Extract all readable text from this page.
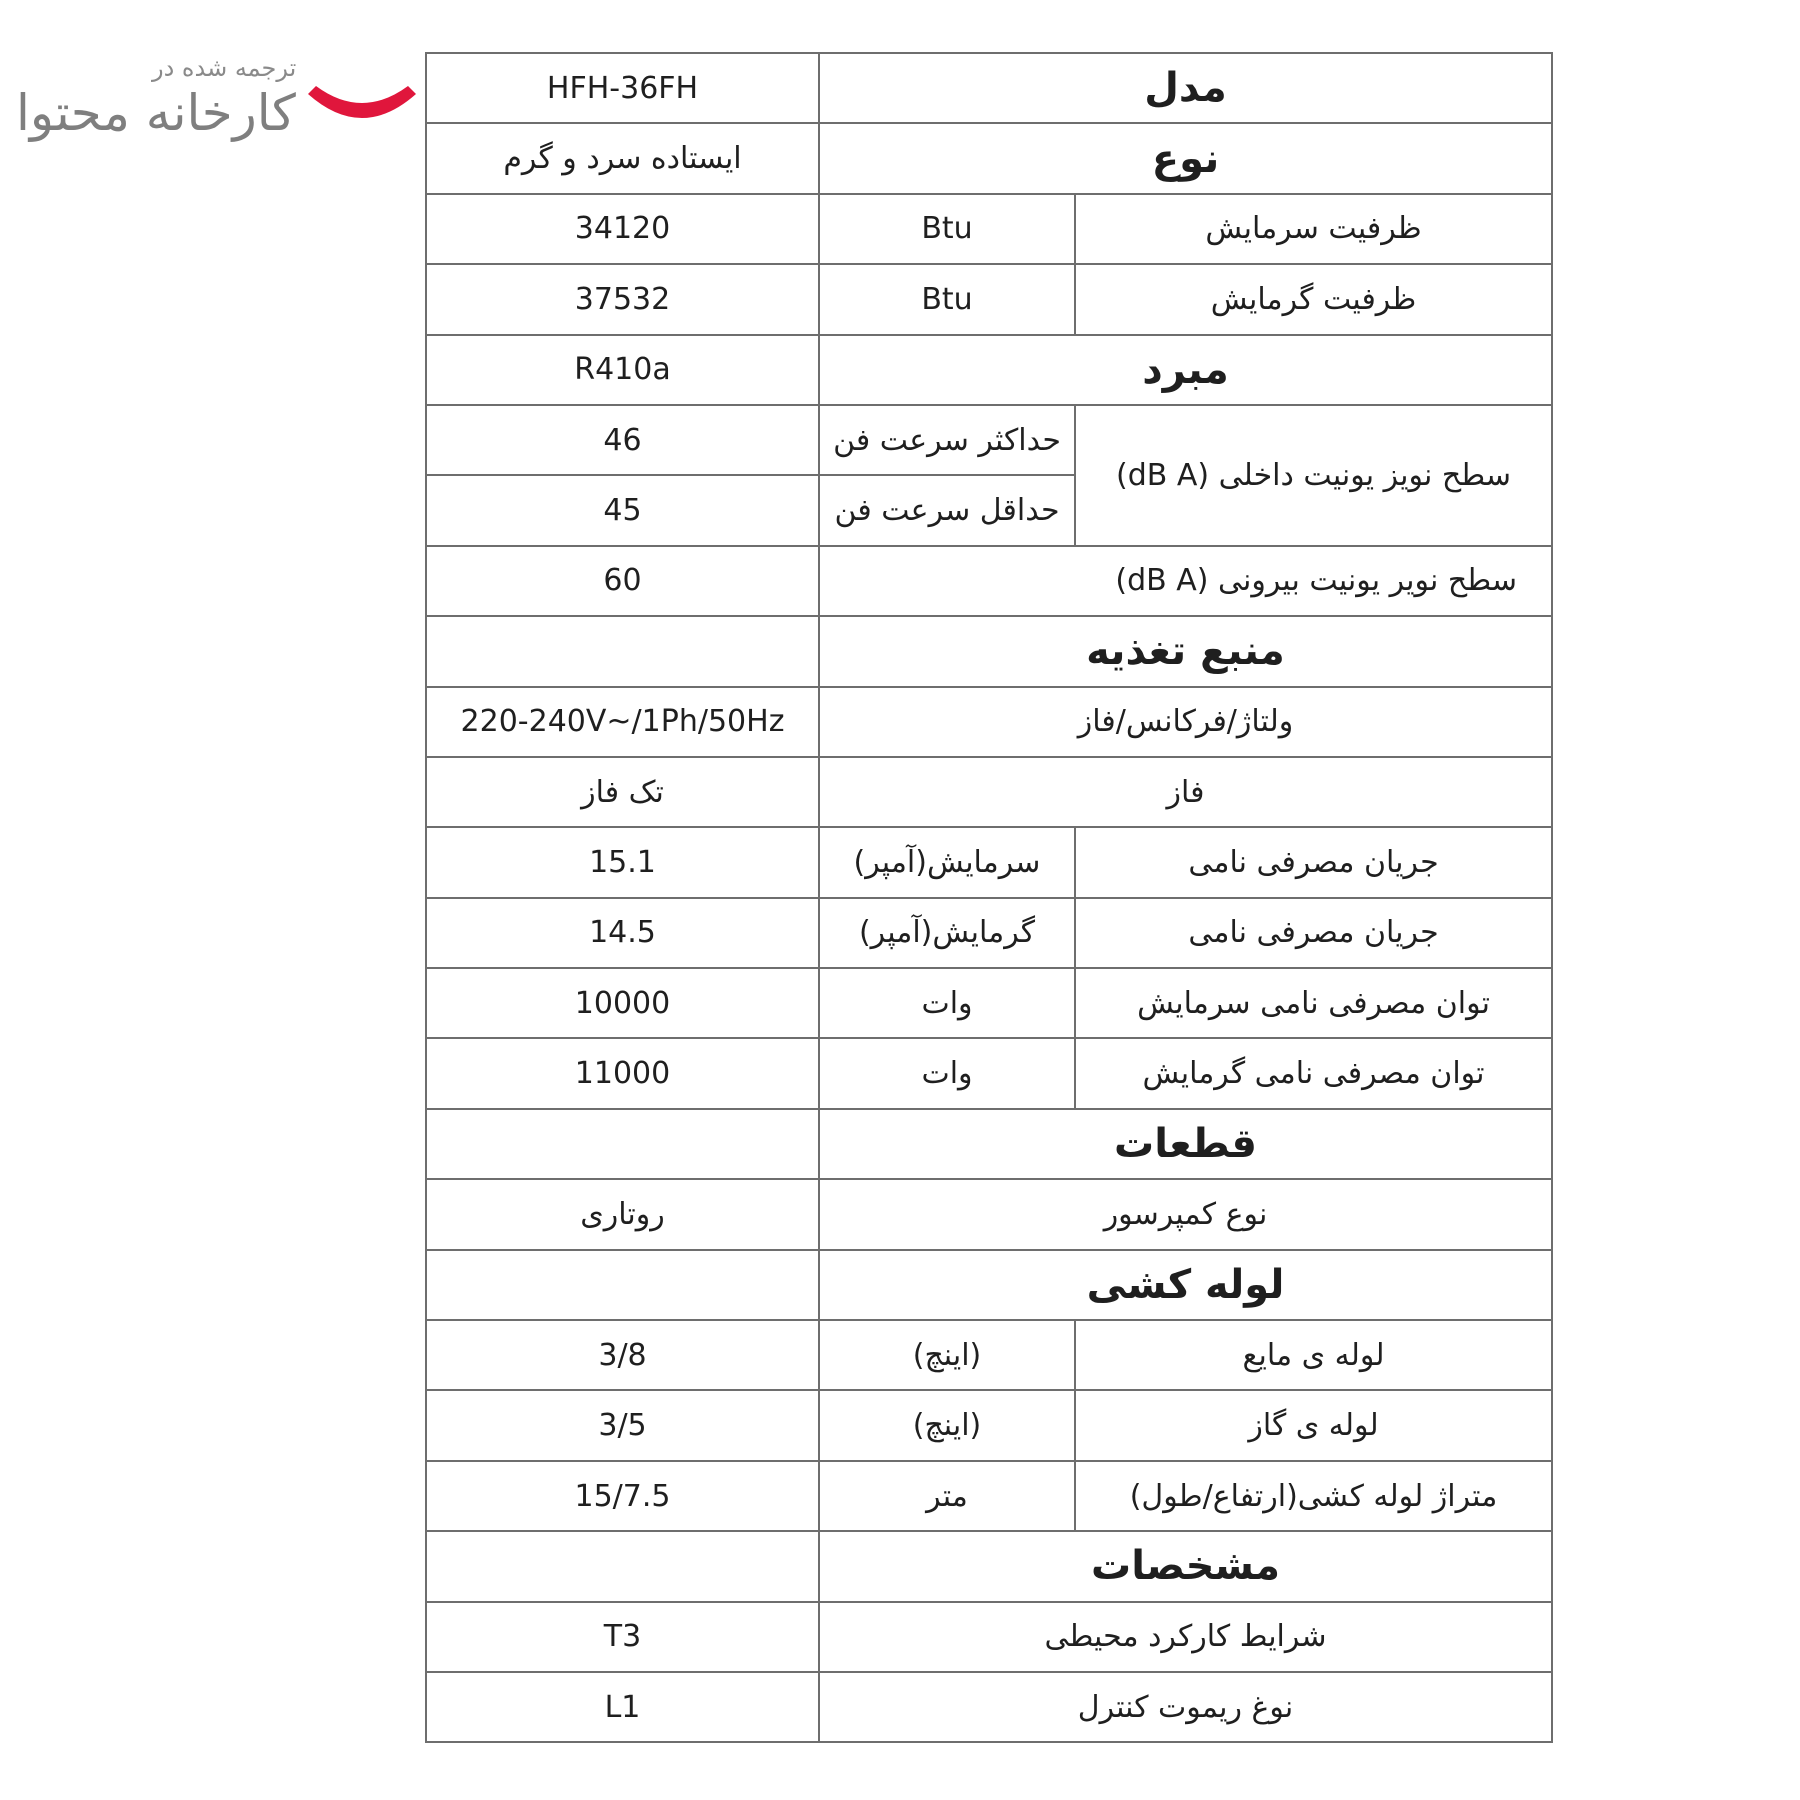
ترجمه شده در
کارخانه محتوا	HFH-36FH	مدل	
ایستاده سرد و گرم	نوع	
34120	Btu	ظرفیت سرمایش
37532	Btu	ظرفیت گرمایش
R410a	مبرد	
46	حداکثر سرعت فن	سطح نویز یونیت داخلی (dB A)
45	حداقل سرعت فن	
60	سطح نویر یونیت بیرونی (dB A)	
	منبع تغذیه	
220-240V~/1Ph/50Hz	ولتاژ/فرکانس/فاز	
تک فاز	فاز	
15.1	سرمایش(آمپر)	جریان مصرفی نامی
14.5	گرمایش(آمپر)	جریان مصرفی نامی
10000	وات	توان مصرفی نامی سرمایش
11000	وات	توان مصرفی نامی گرمایش
	قطعات	
روتاری	نوع کمپرسور	
	لوله کشی	
3/8	(اینچ)	لوله ی مایع
3/5	(اینچ)	لوله ی گاز
15/7.5	متر	متراژ لوله کشی(ارتفاع/طول)
	مشخصات	
T3	شرایط کارکرد محیطی	
L1	نوغ ریموت کنترل	
